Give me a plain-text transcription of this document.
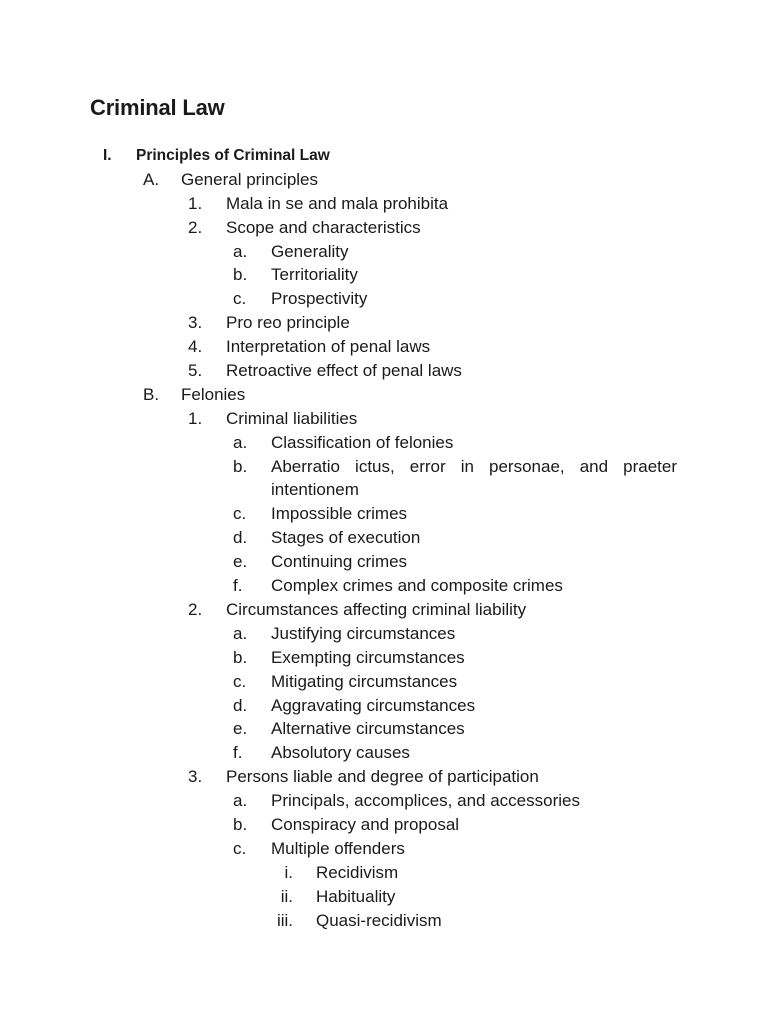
Criminal Law
I. Principles of Criminal Law
A. General principles
1. Mala in se and mala prohibita
2. Scope and characteristics
a. Generality
b. Territoriality
c. Prospectivity
3. Pro reo principle
4. Interpretation of penal laws
5. Retroactive effect of penal laws
B. Felonies
1. Criminal liabilities
a. Classification of felonies
b. Aberratio ictus, error in personae, and praeter intentionem
c. Impossible crimes
d. Stages of execution
e. Continuing crimes
f. Complex crimes and composite crimes
2. Circumstances affecting criminal liability
a. Justifying circumstances
b. Exempting circumstances
c. Mitigating circumstances
d. Aggravating circumstances
e. Alternative circumstances
f. Absolutory causes
3. Persons liable and degree of participation
a. Principals, accomplices, and accessories
b. Conspiracy and proposal
c. Multiple offenders
i. Recidivism
ii. Habituality
iii. Quasi-recidivism
